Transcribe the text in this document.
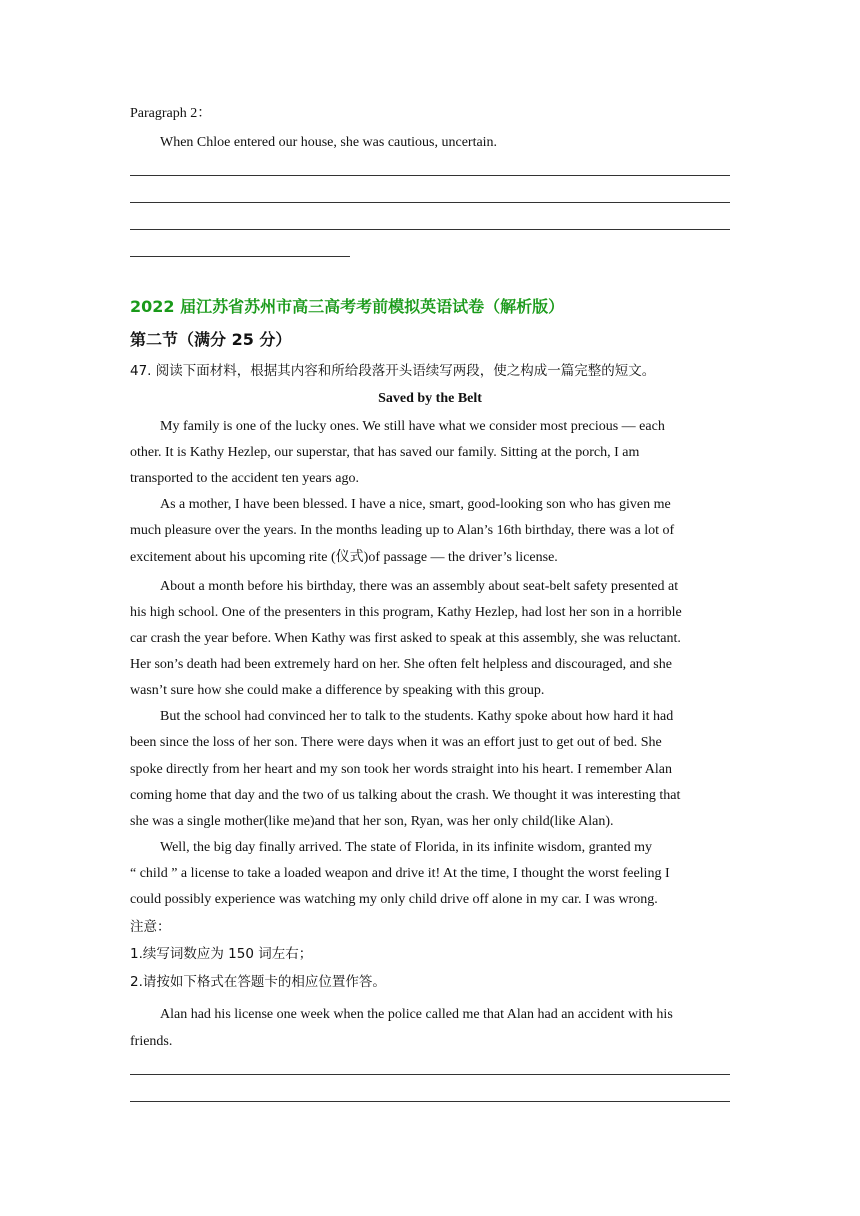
Paragraph 2：
When Chloe entered our house, she was cautious, uncertain.
2022 届江苏省苏州市高三高考考前模拟英语试卷（解析版）
第二节（满分 25 分）
47. 阅读下面材料，根据其内容和所给段落开头语续写两段，使之构成一篇完整的短文。
Saved by the Belt
My family is one of the lucky ones. We still have what we consider most precious — each
other. It is Kathy Hezlep, our superstar, that has saved our family. Sitting at the porch, I am
transported to the accident ten years ago.
As a mother, I have been blessed. I have a nice, smart, good-looking son who has given me
much pleasure over the years. In the months leading up to Alan’s 16th birthday, there was a lot of
excitement about his upcoming rite (仪式)of passage — the driver’s license.
About a month before his birthday, there was an assembly about seat-belt safety presented at
his high school. One of the presenters in this program, Kathy Hezlep, had lost her son in a horrible
car crash the year before. When Kathy was first asked to speak at this assembly, she was reluctant.
Her son’s death had been extremely hard on her. She often felt helpless and discouraged, and she
wasn’t sure how she could make a difference by speaking with this group.
But the school had convinced her to talk to the students. Kathy spoke about how hard it had
been since the loss of her son. There were days when it was an effort just to get out of bed. She
spoke directly from her heart and my son took her words straight into his heart. I remember Alan
coming home that day and the two of us talking about the crash. We thought it was interesting that
she was a single mother(like me)and that her son, Ryan, was her only child(like Alan).
Well, the big day finally arrived. The state of Florida, in its infinite wisdom, granted my
“ child ” a license to take a loaded weapon and drive it! At the time, I thought the worst feeling I
could possibly experience was watching my only child drive off alone in my car. I was wrong.
注意：
1.续写词数应为 150 词左右；
2.请按如下格式在答题卡的相应位置作答。
Alan had his license one week when the police called me that Alan had an accident with his
friends.
